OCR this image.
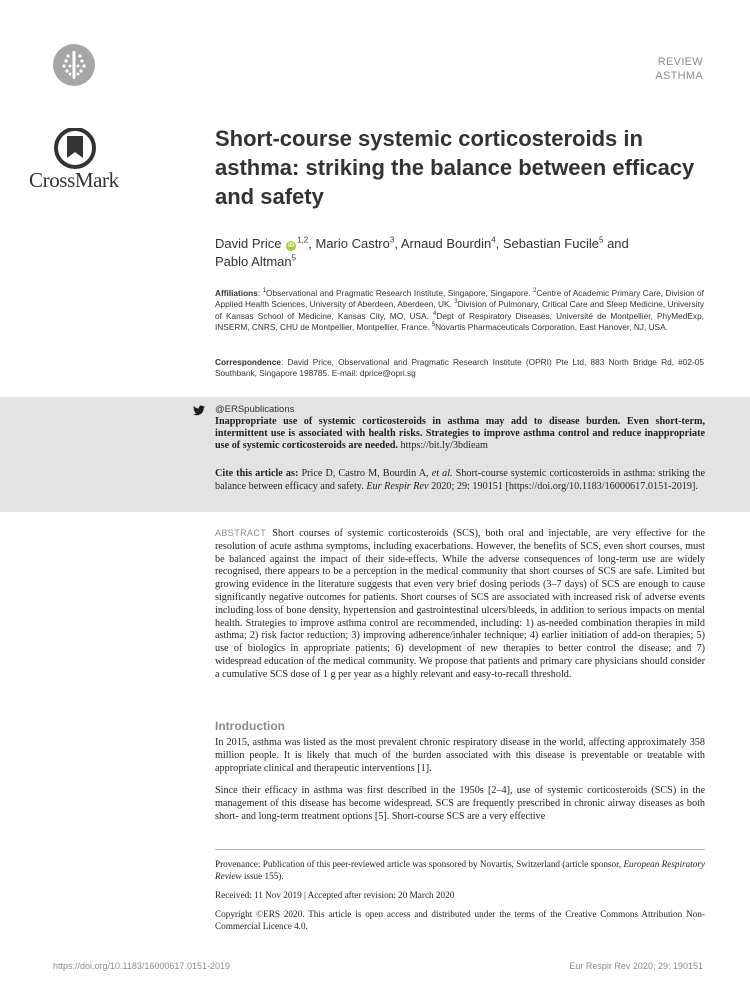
CrossMark
REVIEW
ASTHMA
Short-course systemic corticosteroids in asthma: striking the balance between efficacy and safety
David Price iD$^{1,2}$, Mario Castro$^3$, Arnaud Bourdin$^4$, Sebastian Fucile$^5$ and
Pablo Altman$^5$
Affiliations: $^1$Observational and Pragmatic Research Institute, Singapore, Singapore. $^2$Centre of Academic Primary Care, Division of Applied Health Sciences, University of Aberdeen, Aberdeen, UK. $^3$Division of Pulmonary, Critical Care and Sleep Medicine, University of Kansas School of Medicine, Kansas City, MO, USA. $^4$Dept of Respiratory Diseases, Université de Montpellier, PhyMedExp, INSERM, CNRS, CHU de Montpellier, Montpellier, France. $^5$Novartis Pharmaceuticals Corporation, East Hanover, NJ, USA.
Correspondence: David Price, Observational and Pragmatic Research Institute (OPRI) Pte Ltd, 883 North Bridge Rd, #02-05 Southbank, Singapore 198785. E-mail: dprice@opri.sg
@ERSpublications
Inappropriate use of systemic corticosteroids in asthma may add to disease burden. Even short-term, intermittent use is associated with health risks. Strategies to improve asthma control and reduce inappropriate use of systemic corticosteroids are needed. https://bit.ly/3bdieam
Cite this article as: Price D, Castro M, Bourdin A, et al. Short-course systemic corticosteroids in asthma: striking the balance between efficacy and safety. Eur Respir Rev 2020; 29: 190151 [https://doi.org/10.1183/16000617.0151-2019].
ABSTRACT Short courses of systemic corticosteroids (SCS), both oral and injectable, are very effective for the resolution of acute asthma symptoms, including exacerbations. However, the benefits of SCS, even short courses, must be balanced against the impact of their side-effects. While the adverse consequences of long-term use are widely recognised, there appears to be a perception in the medical community that short courses of SCS are safe. Limited but growing evidence in the literature suggests that even very brief dosing periods (3–7 days) of SCS are enough to cause significantly negative outcomes for patients. Short courses of SCS are associated with increased risk of adverse events including loss of bone density, hypertension and gastrointestinal ulcers/bleeds, in addition to serious impacts on mental health. Strategies to improve asthma control are recommended, including: 1) as-needed combination therapies in mild asthma; 2) risk factor reduction; 3) improving adherence/inhaler technique; 4) earlier initiation of add-on therapies; 5) use of biologics in appropriate patients; 6) development of new therapies to better control the disease; and 7) widespread education of the medical community. We propose that patients and primary care physicians should consider a cumulative SCS dose of 1 g per year as a highly relevant and easy-to-recall threshold.
Introduction

In 2015, asthma was listed as the most prevalent chronic respiratory disease in the world, affecting approximately 358 million people. It is likely that much of the burden associated with this disease is preventable or treatable with appropriate clinical and therapeutic interventions [1].

Since their efficacy in asthma was first described in the 1950s [2–4], use of systemic corticosteroids (SCS) in the management of this disease has become widespread. SCS are frequently prescribed in chronic airway diseases as both short- and long-term treatment options [5]. Short-course SCS are a very effective

Provenance: Publication of this peer-reviewed article was sponsored by Novartis, Switzerland (article sponsor, European Respiratory Review issue 155).

Received: 11 Nov 2019 | Accepted after revision: 20 March 2020

Copyright ©ERS 2020. This article is open access and distributed under the terms of the Creative Commons Attribution Non-Commercial Licence 4.0.

https://doi.org/10.1183/16000617.0151-2019	Eur Respir Rev 2020; 29: 190151
